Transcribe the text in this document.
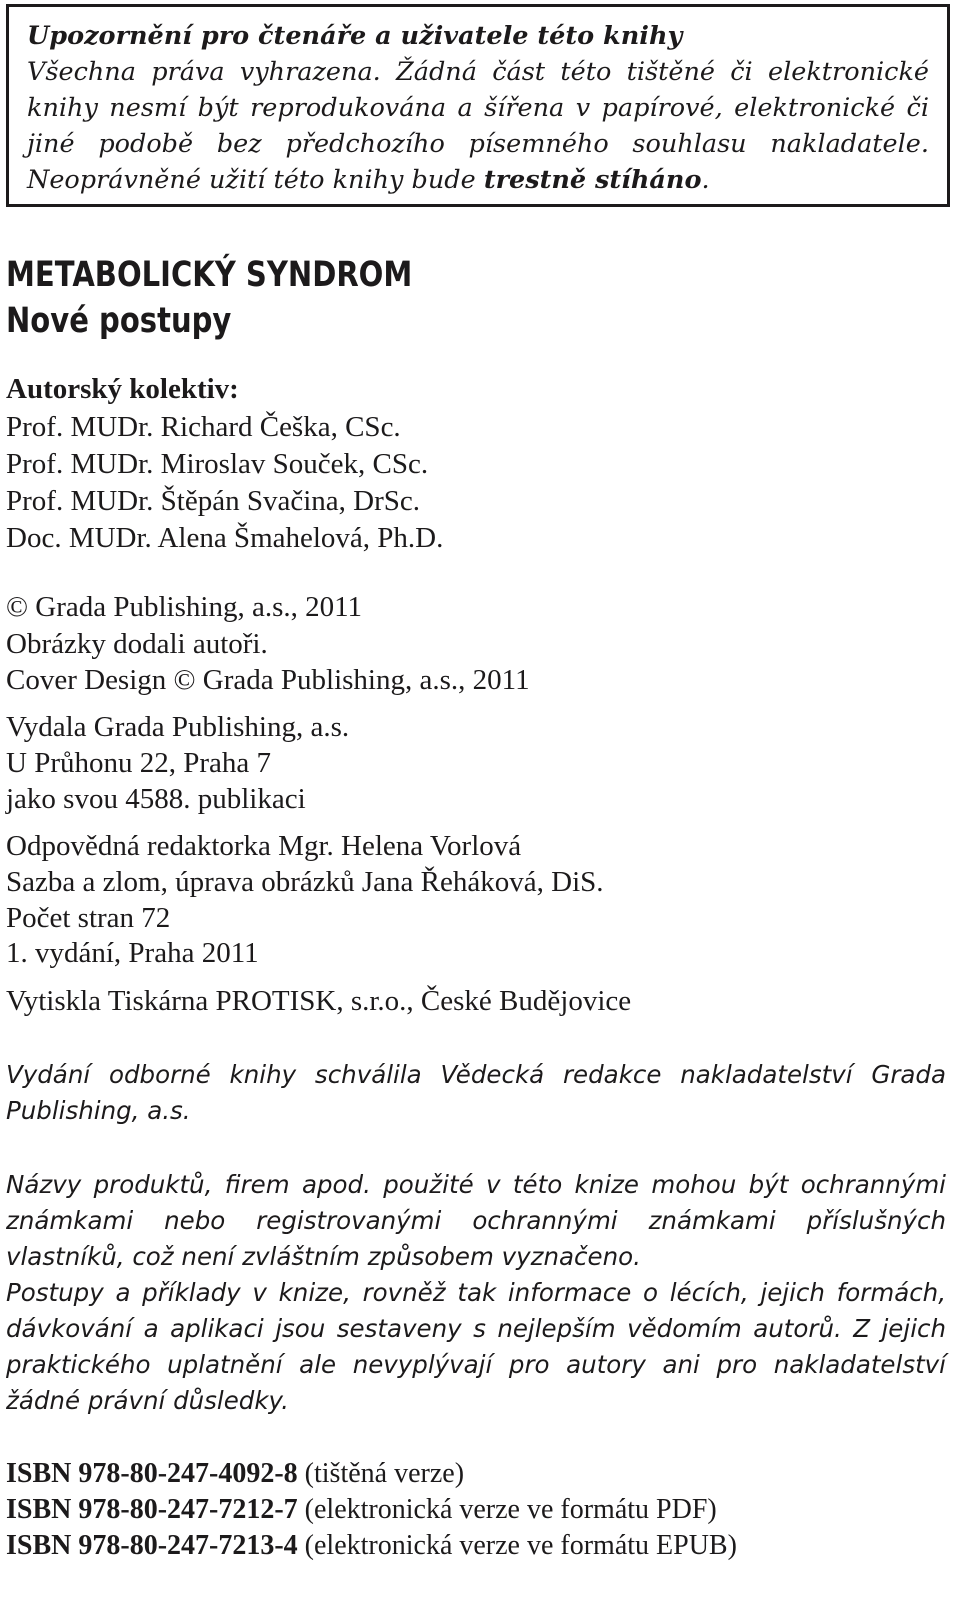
Upozornění pro čtenáře a uživatele této knihy
Všechna práva vyhrazena. Žádná část této tištěné či elektronické knihy nesmí být reprodukována a šířena v papírové, elektronické či jiné podobě bez předchozího písemného souhlasu nakladatele. Neoprávněné užití této knihy bude trestně stíháno.
METABOLICKÝ SYNDROM
Nové postupy
Autorský kolektiv:
Prof. MUDr. Richard Češka, CSc.
Prof. MUDr. Miroslav Souček, CSc.
Prof. MUDr. Štěpán Svačina, DrSc.
Doc. MUDr. Alena Šmahelová, Ph.D.
© Grada Publishing, a.s., 2011
Obrázky dodali autoři.
Cover Design © Grada Publishing, a.s., 2011
Vydala Grada Publishing, a.s.
U Průhonu 22, Praha 7
jako svou 4588. publikaci
Odpovědná redaktorka Mgr. Helena Vorlová
Sazba a zlom, úprava obrázků Jana Řeháková, DiS.
Počet stran 72
1. vydání, Praha 2011
Vytiskla Tiskárna PROTISK, s.r.o., České Budějovice

Vydání odborné knihy schválila Vědecká redakce nakladatelství Grada Publishing, a.s.

Názvy produktů, firem apod. použité v této knize mohou být ochrannými známkami nebo registrovanými ochrannými známkami příslušných vlastníků, což není zvláštním způsobem vyznačeno.

Postupy a příklady v knize, rovněž tak informace o lécích, jejich formách, dávkování a aplikaci jsou sestaveny s nejlepším vědomím autorů. Z jejich praktického uplatnění ale nevyplývají pro autory ani pro nakladatelství žádné právní důsledky.

ISBN 978-80-247-4092-8 (tištěná verze)
ISBN 978-80-247-7212-7 (elektronická verze ve formátu PDF)
ISBN 978-80-247-7213-4 (elektronická verze ve formátu EPUB)
